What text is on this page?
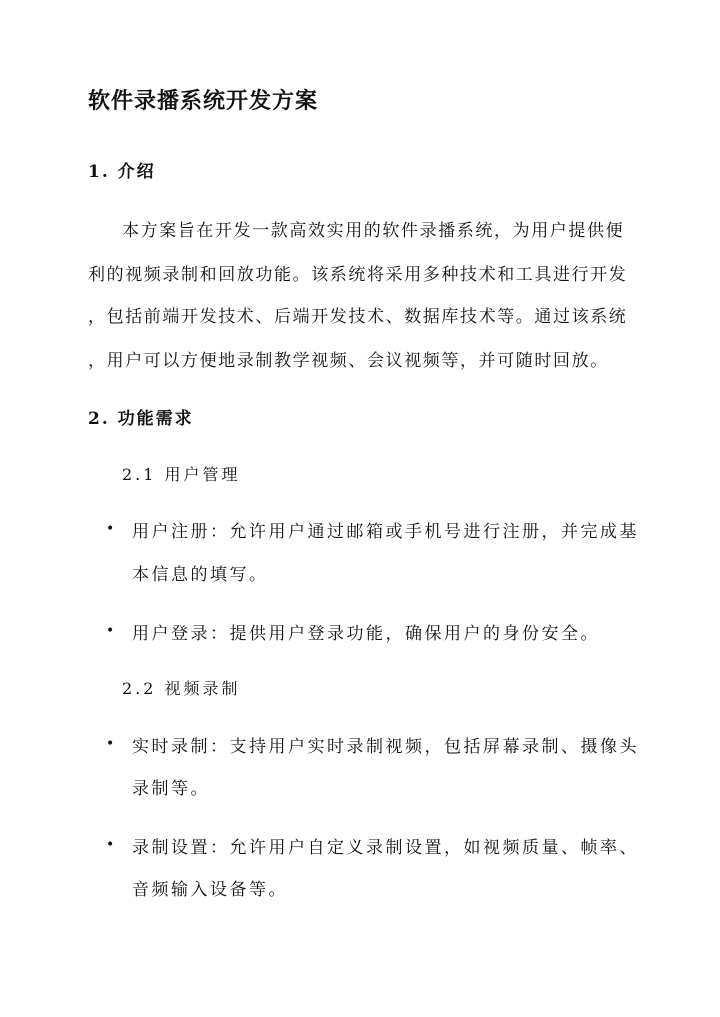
软件录播系统开发方案
1. 介绍
本方案旨在开发一款高效实用的软件录播系统，为用户提供便
利的视频录制和回放功能。该系统将采用多种技术和工具进行开发
，包括前端开发技术、后端开发技术、数据库技术等。通过该系统
，用户可以方便地录制教学视频、会议视频等，并可随时回放。
2. 功能需求
2.1 用户管理
• 用户注册：允许用户通过邮箱或手机号进行注册，并完成基
本信息的填写。
• 用户登录：提供用户登录功能，确保用户的身份安全。
2.2 视频录制
• 实时录制：支持用户实时录制视频，包括屏幕录制、摄像头
录制等。
• 录制设置：允许用户自定义录制设置，如视频质量、帧率、
音频输入设备等。
